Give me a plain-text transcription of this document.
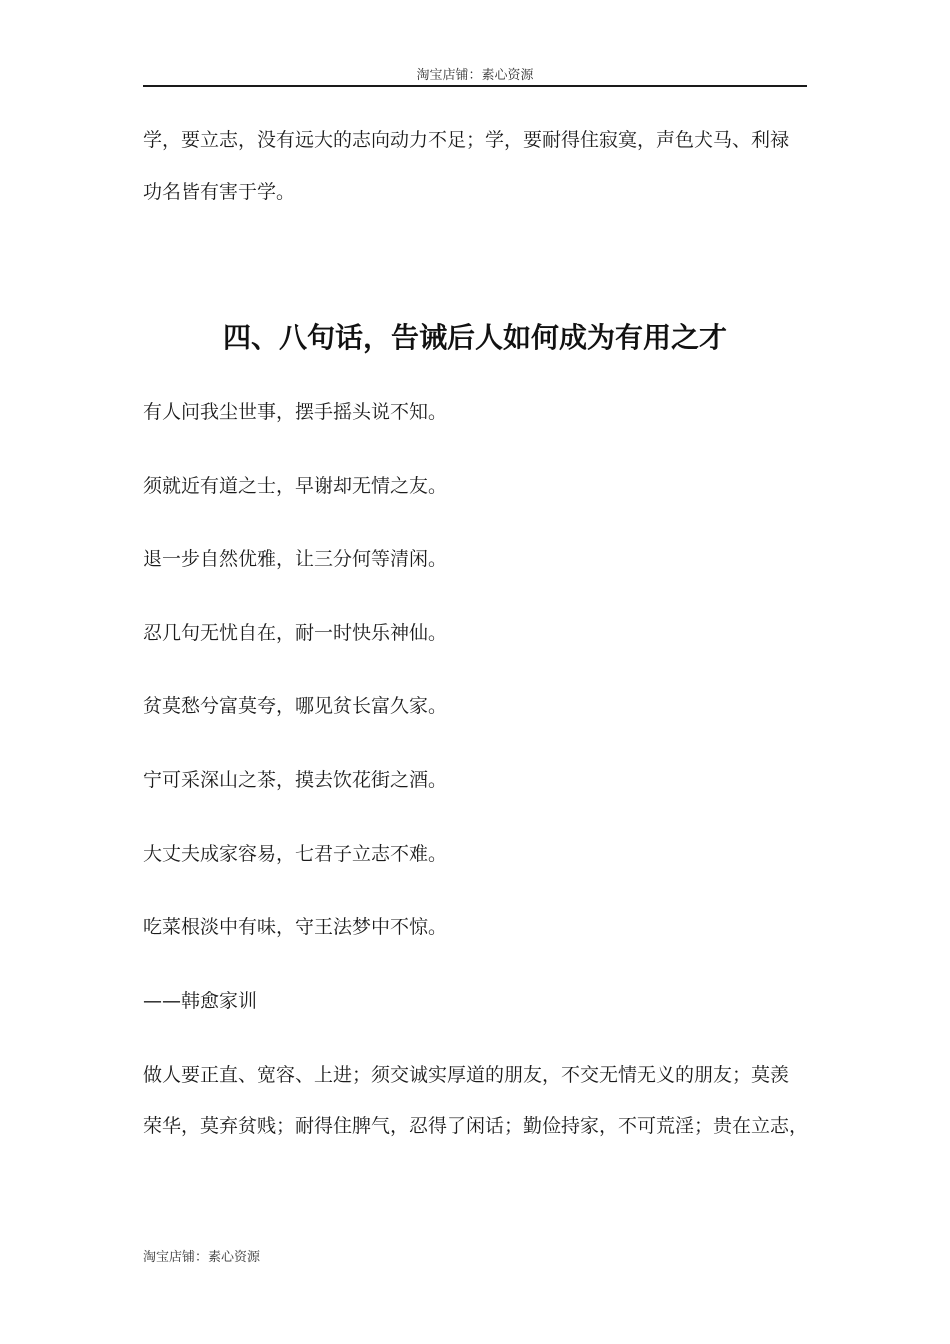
淘宝店铺：素心资源
学，要立志，没有远大的志向动力不足；学，要耐得住寂寞，声色犬马、利禄
功名皆有害于学。
四、八句话，告诫后人如何成为有用之才
有人问我尘世事，摆手摇头说不知。
须就近有道之士，早谢却无情之友。
退一步自然优雅，让三分何等清闲。
忍几句无忧自在，耐一时快乐神仙。
贫莫愁兮富莫夸，哪见贫长富久家。
宁可采深山之茶，摸去饮花街之酒。
大丈夫成家容易，七君子立志不难。
吃菜根淡中有味，守王法梦中不惊。
——韩愈家训
做人要正直、宽容、上进；须交诚实厚道的朋友，不交无情无义的朋友；莫羡
荣华，莫弃贫贱；耐得住脾气，忍得了闲话；勤俭持家，不可荒淫；贵在立志，
淘宝店铺：素心资源
